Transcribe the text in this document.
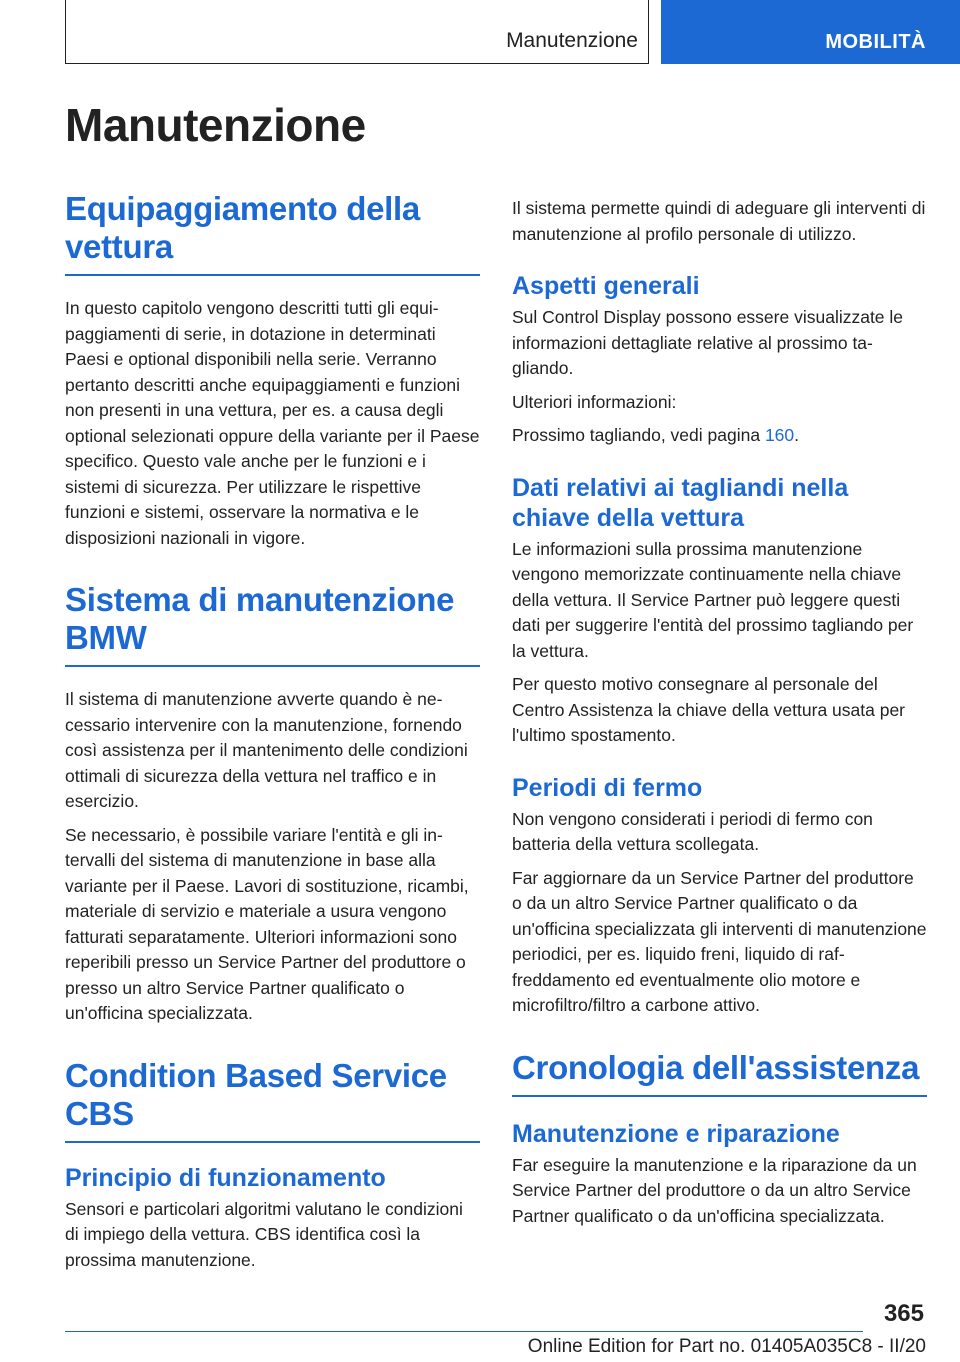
Manutenzione	MOBILITÀ
Manutenzione
Equipaggiamento della vettura

In questo capitolo vengono descritti tutti gli equipaggiamenti di serie, in dotazione in determinati Paesi e optional disponibili nella serie. Verranno pertanto descritti anche equipaggiamenti e funzioni non presenti in una vettura, per es. a causa degli optional selezionati oppure della variante per il Paese specifico. Questo vale anche per le funzioni e i sistemi di sicurezza. Per utilizzare le rispettive funzioni e sistemi, osservare la normativa e le disposizioni nazionali in vigore.

Sistema di manutenzione BMW

Il sistema di manutenzione avverte quando è necessario intervenire con la manutenzione, fornendo così assistenza per il mantenimento delle condizioni ottimali di sicurezza della vettura nel traffico e in esercizio.

Se necessario, è possibile variare l'entità e gli intervalli del sistema di manutenzione in base alla variante per il Paese. Lavori di sostituzione, ricambi, materiale di servizio e materiale a usura vengono fatturati separatamente. Ulteriori informazioni sono reperibili presso un Service Partner del produttore o presso un altro Service Partner qualificato o un'officina specializzata.

Condition Based Service CBS
Principio di funzionamento

Sensori e particolari algoritmi valutano le condizioni di impiego della vettura. CBS identifica così la prossima manutenzione.

Il sistema permette quindi di adeguare gli interventi di manutenzione al profilo personale di utilizzo.

Aspetti generali

Sul Control Display possono essere visualizzate le informazioni dettagliate relative al prossimo tagliando.

Ulteriori informazioni:

Prossimo tagliando, vedi pagina 160.

Dati relativi ai tagliandi nella chiave della vettura

Le informazioni sulla prossima manutenzione vengono memorizzate continuamente nella chiave della vettura. Il Service Partner può leggere questi dati per suggerire l'entità del prossimo tagliando per la vettura.

Per questo motivo consegnare al personale del Centro Assistenza la chiave della vettura usata per l'ultimo spostamento.

Periodi di fermo

Non vengono considerati i periodi di fermo con batteria della vettura scollegata.

Far aggiornare da un Service Partner del produttore o da un altro Service Partner qualificato o da un'officina specializzata gli interventi di manutenzione periodici, per es. liquido freni, liquido di raffreddamento ed eventualmente olio motore e microfiltro/filtro a carbone attivo.

Cronologia dell'assistenza
Manutenzione e riparazione

Far eseguire la manutenzione e la riparazione da un Service Partner del produttore o da un altro Service Partner qualificato o da un'officina specializzata.

365
Online Edition for Part no. 01405A035C8 - II/20
